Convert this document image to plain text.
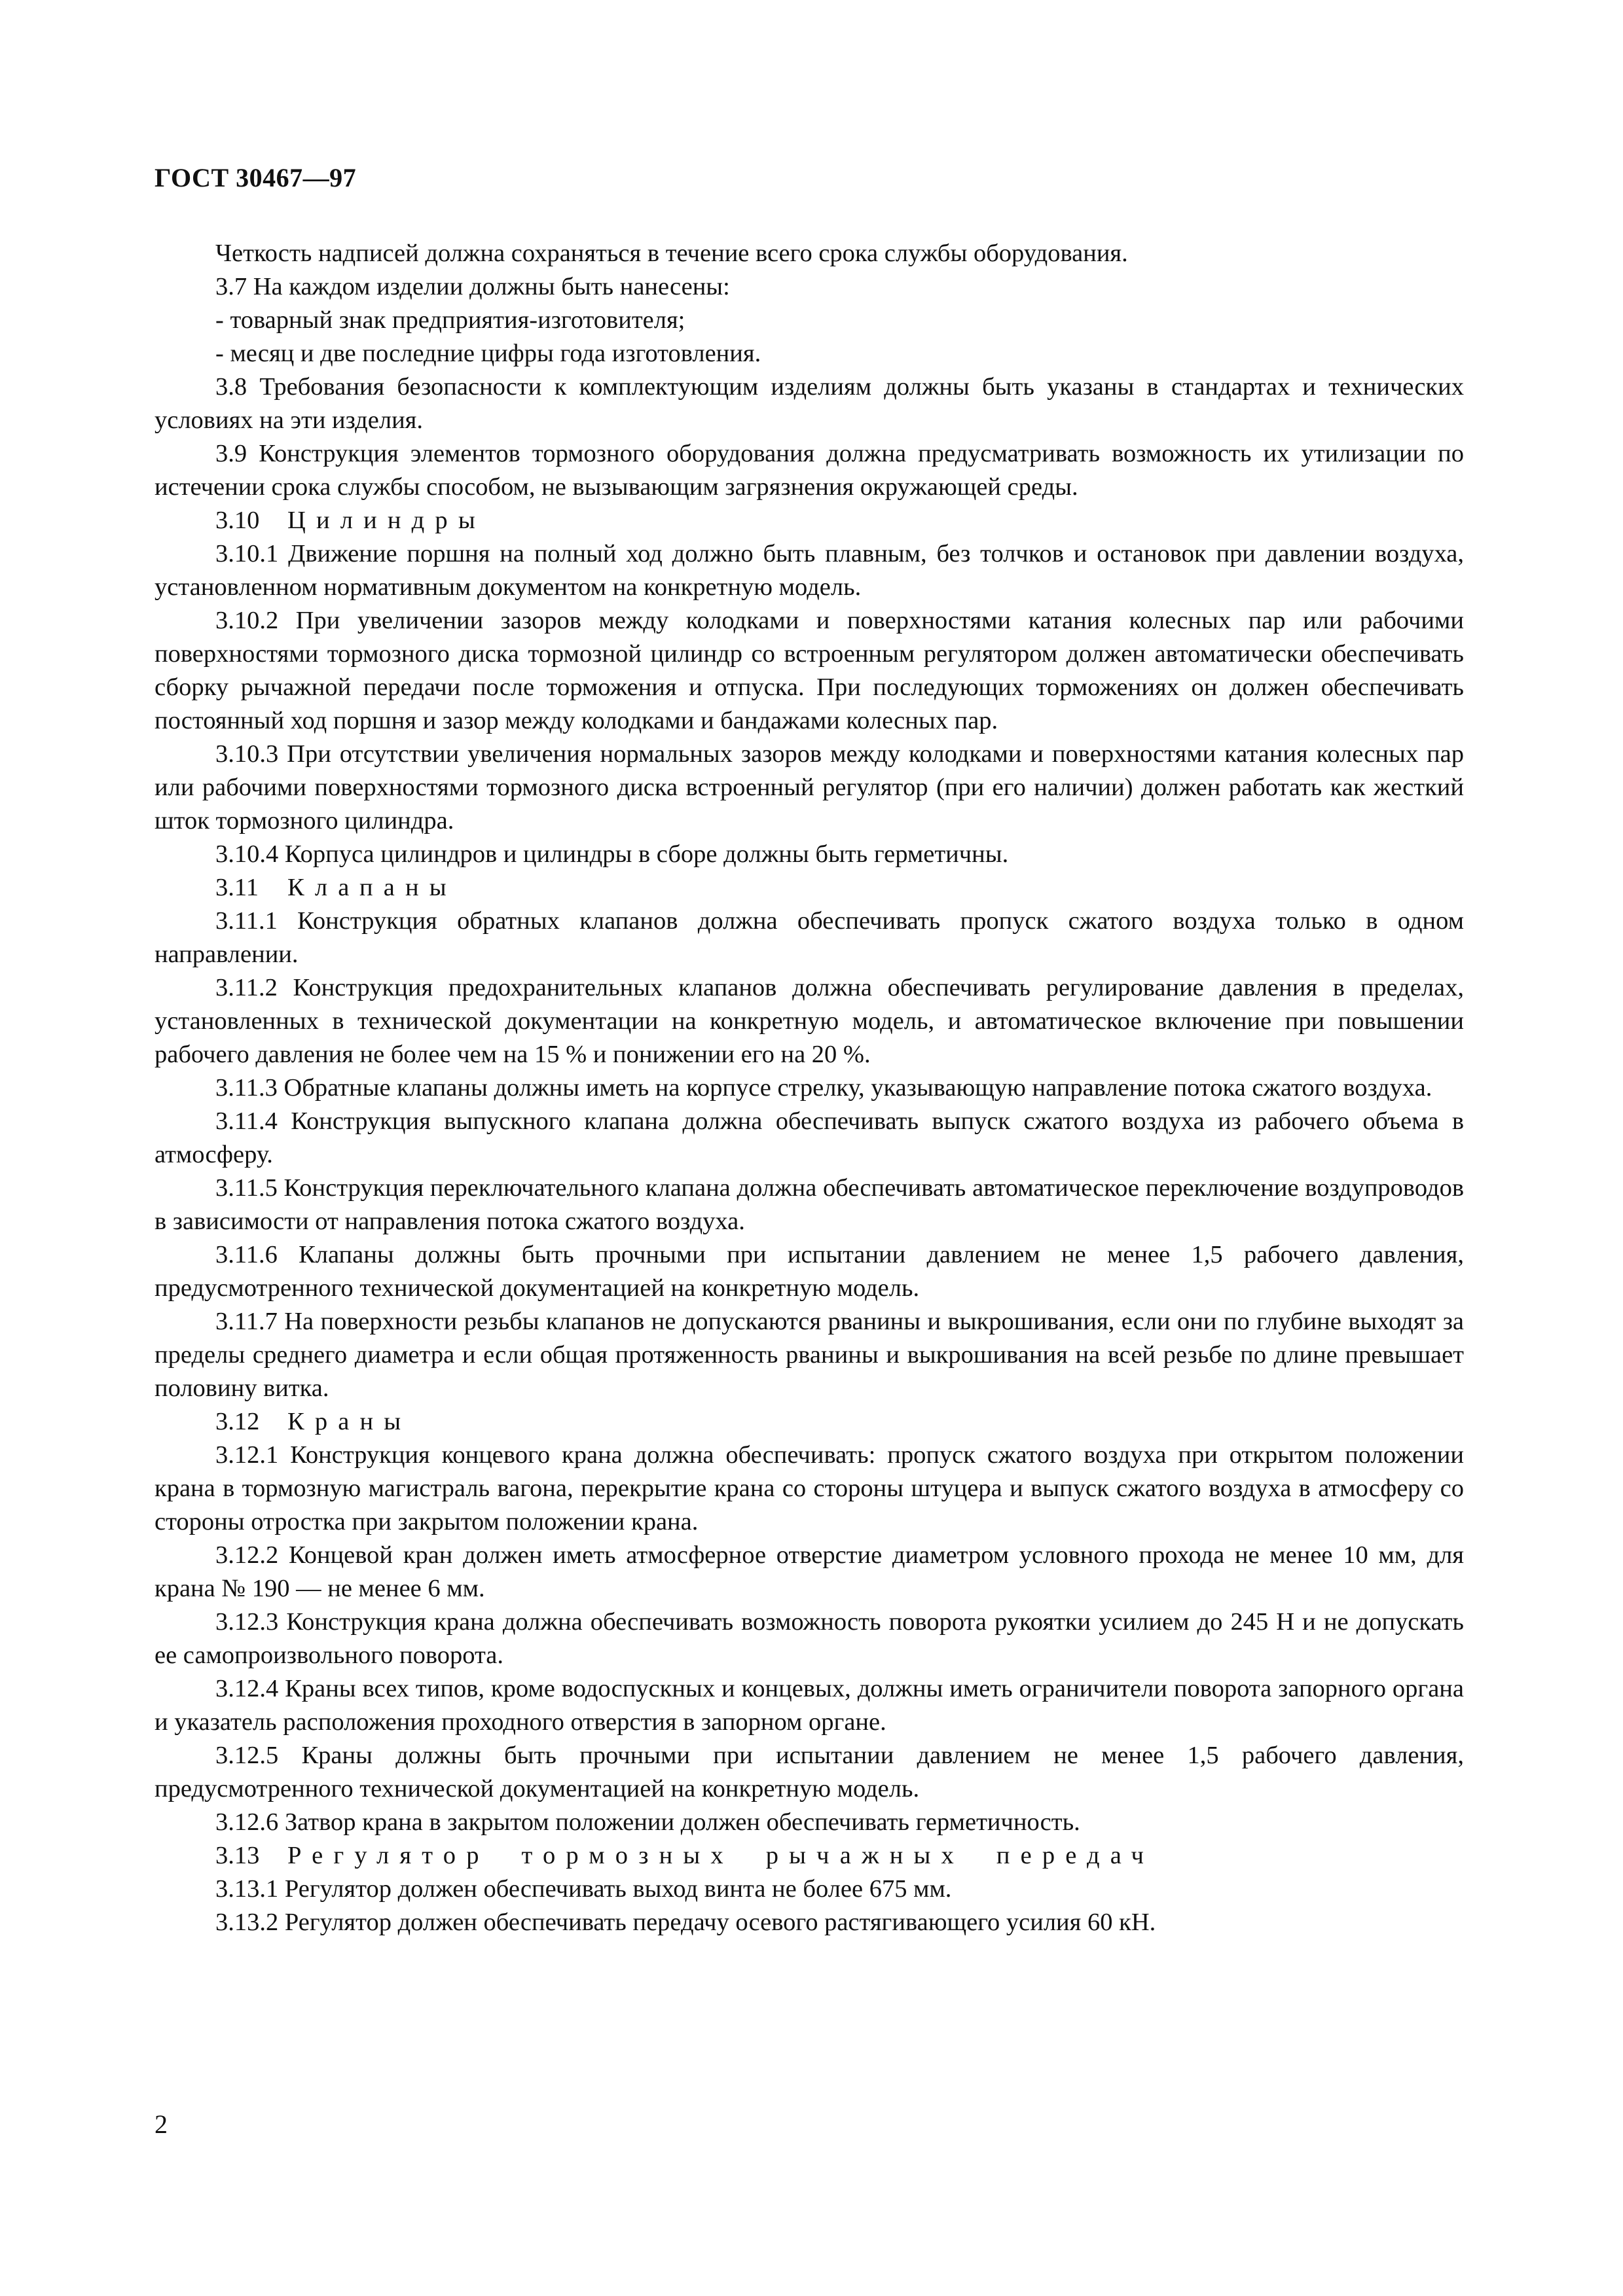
ГОСТ 30467—97

Четкость надписей должна сохраняться в течение всего срока службы оборудования.

3.7 На каждом изделии должны быть нанесены:

- товарный знак предприятия-изготовителя;

- месяц и две последние цифры года изготовления.

3.8 Требования безопасности к комплектующим изделиям должны быть указаны в стандартах и технических условиях на эти изделия.

3.9 Конструкция элементов тормозного оборудования должна предусматривать возможность их утилизации по истечении срока службы способом, не вызывающим загрязнения окружающей среды.

3.10 Цилиндры

3.10.1 Движение поршня на полный ход должно быть плавным, без толчков и остановок при давлении воздуха, установленном нормативным документом на конкретную модель.

3.10.2 При увеличении зазоров между колодками и поверхностями катания колесных пар или рабочими поверхностями тормозного диска тормозной цилиндр со встроенным регулятором должен автоматически обеспечивать сборку рычажной передачи после торможения и отпуска. При последующих торможениях он должен обеспечивать постоянный ход поршня и зазор между колодками и бандажами колесных пар.

3.10.3 При отсутствии увеличения нормальных зазоров между колодками и поверхностями катания колесных пар или рабочими поверхностями тормозного диска встроенный регулятор (при его наличии) должен работать как жесткий шток тормозного цилиндра.

3.10.4 Корпуса цилиндров и цилиндры в сборе должны быть герметичны.

3.11 Клапаны

3.11.1 Конструкция обратных клапанов должна обеспечивать пропуск сжатого воздуха только в одном направлении.

3.11.2 Конструкция предохранительных клапанов должна обеспечивать регулирование давления в пределах, установленных в технической документации на конкретную модель, и автоматическое включение при повышении рабочего давления не более чем на 15 % и понижении его на 20 %.

3.11.3 Обратные клапаны должны иметь на корпусе стрелку, указывающую направление потока сжатого воздуха.

3.11.4 Конструкция выпускного клапана должна обеспечивать выпуск сжатого воздуха из рабочего объема в атмосферу.

3.11.5 Конструкция переключательного клапана должна обеспечивать автоматическое переключение воздупроводов в зависимости от направления потока сжатого воздуха.

3.11.6 Клапаны должны быть прочными при испытании давлением не менее 1,5 рабочего давления, предусмотренного технической документацией на конкретную модель.

3.11.7 На поверхности резьбы клапанов не допускаются рванины и выкрошивания, если они по глубине выходят за пределы среднего диаметра и если общая протяженность рванины и выкрошивания на всей резьбе по длине превышает половину витка.

3.12 Краны

3.12.1 Конструкция концевого крана должна обеспечивать: пропуск сжатого воздуха при открытом положении крана в тормозную магистраль вагона, перекрытие крана со стороны штуцера и выпуск сжатого воздуха в атмосферу со стороны отростка при закрытом положении крана.

3.12.2 Концевой кран должен иметь атмосферное отверстие диаметром условного прохода не менее 10 мм, для крана № 190 — не менее 6 мм.

3.12.3 Конструкция крана должна обеспечивать возможность поворота рукоятки усилием до 245 Н и не допускать ее самопроизвольного поворота.

3.12.4 Краны всех типов, кроме водоспускных и концевых, должны иметь ограничители поворота запорного органа и указатель расположения проходного отверстия в запорном органе.

3.12.5 Краны должны быть прочными при испытании давлением не менее 1,5 рабочего давления, предусмотренного технической документацией на конкретную модель.

3.12.6 Затвор крана в закрытом положении должен обеспечивать герметичность.

3.13 Регулятор тормозных рычажных передач

3.13.1 Регулятор должен обеспечивать выход винта не более 675 мм.

3.13.2 Регулятор должен обеспечивать передачу осевого растягивающего усилия 60 кН.

2
